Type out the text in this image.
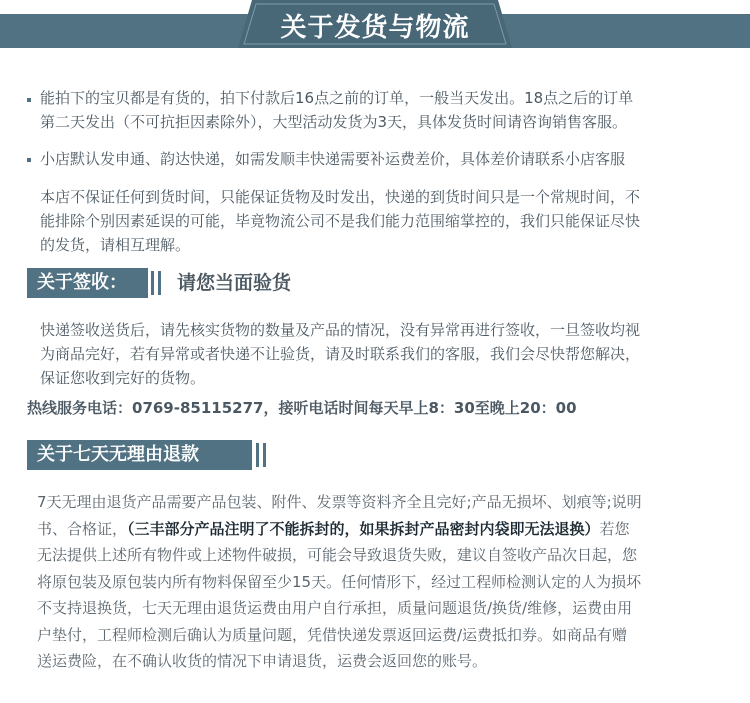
关于发货与物流
能拍下的宝贝都是有货的，拍下付款后16点之前的订单，一般当天发出。18点之后的订单
第二天发出（不可抗拒因素除外），大型活动发货为3天，具体发货时间请咨询销售客服。
小店默认发申通、韵达快递，如需发顺丰快递需要补运费差价，具体差价请联系小店客服
本店不保证任何到货时间，只能保证货物及时发出，快递的到货时间只是一个常规时间，不
能排除个别因素延误的可能，毕竟物流公司不是我们能力范围缩掌控的，我们只能保证尽快
的发货，请相互理解。
关于签收：	请您当面验货
快递签收送货后，请先核实货物的数量及产品的情况，没有异常再进行签收，一旦签收均视
为商品完好，若有异常或者快递不让验货，请及时联系我们的客服，我们会尽快帮您解决，
保证您收到完好的货物。
热线服务电话：0769-85115277，接听电话时间每天早上8：30至晚上20：00
关于七天无理由退款
7天无理由退货产品需要产品包装、附件、发票等资料齐全且完好;产品无损坏、划痕等;说明
书、合格证，（三丰部分产品注明了不能拆封的，如果拆封产品密封内袋即无法退换）若您
无法提供上述所有物件或上述物件破损，可能会导致退货失败，建议自签收产品次日起，您
将原包装及原包装内所有物料保留至少15天。任何情形下，经过工程师检测认定的人为损坏
不支持退换货，七天无理由退货运费由用户自行承担，质量问题退货/换货/维修，运费由用
户垫付，工程师检测后确认为质量问题，凭借快递发票返回运费/运费抵扣券。如商品有赠
送运费险，在不确认收货的情况下申请退货，运费会返回您的账号。
